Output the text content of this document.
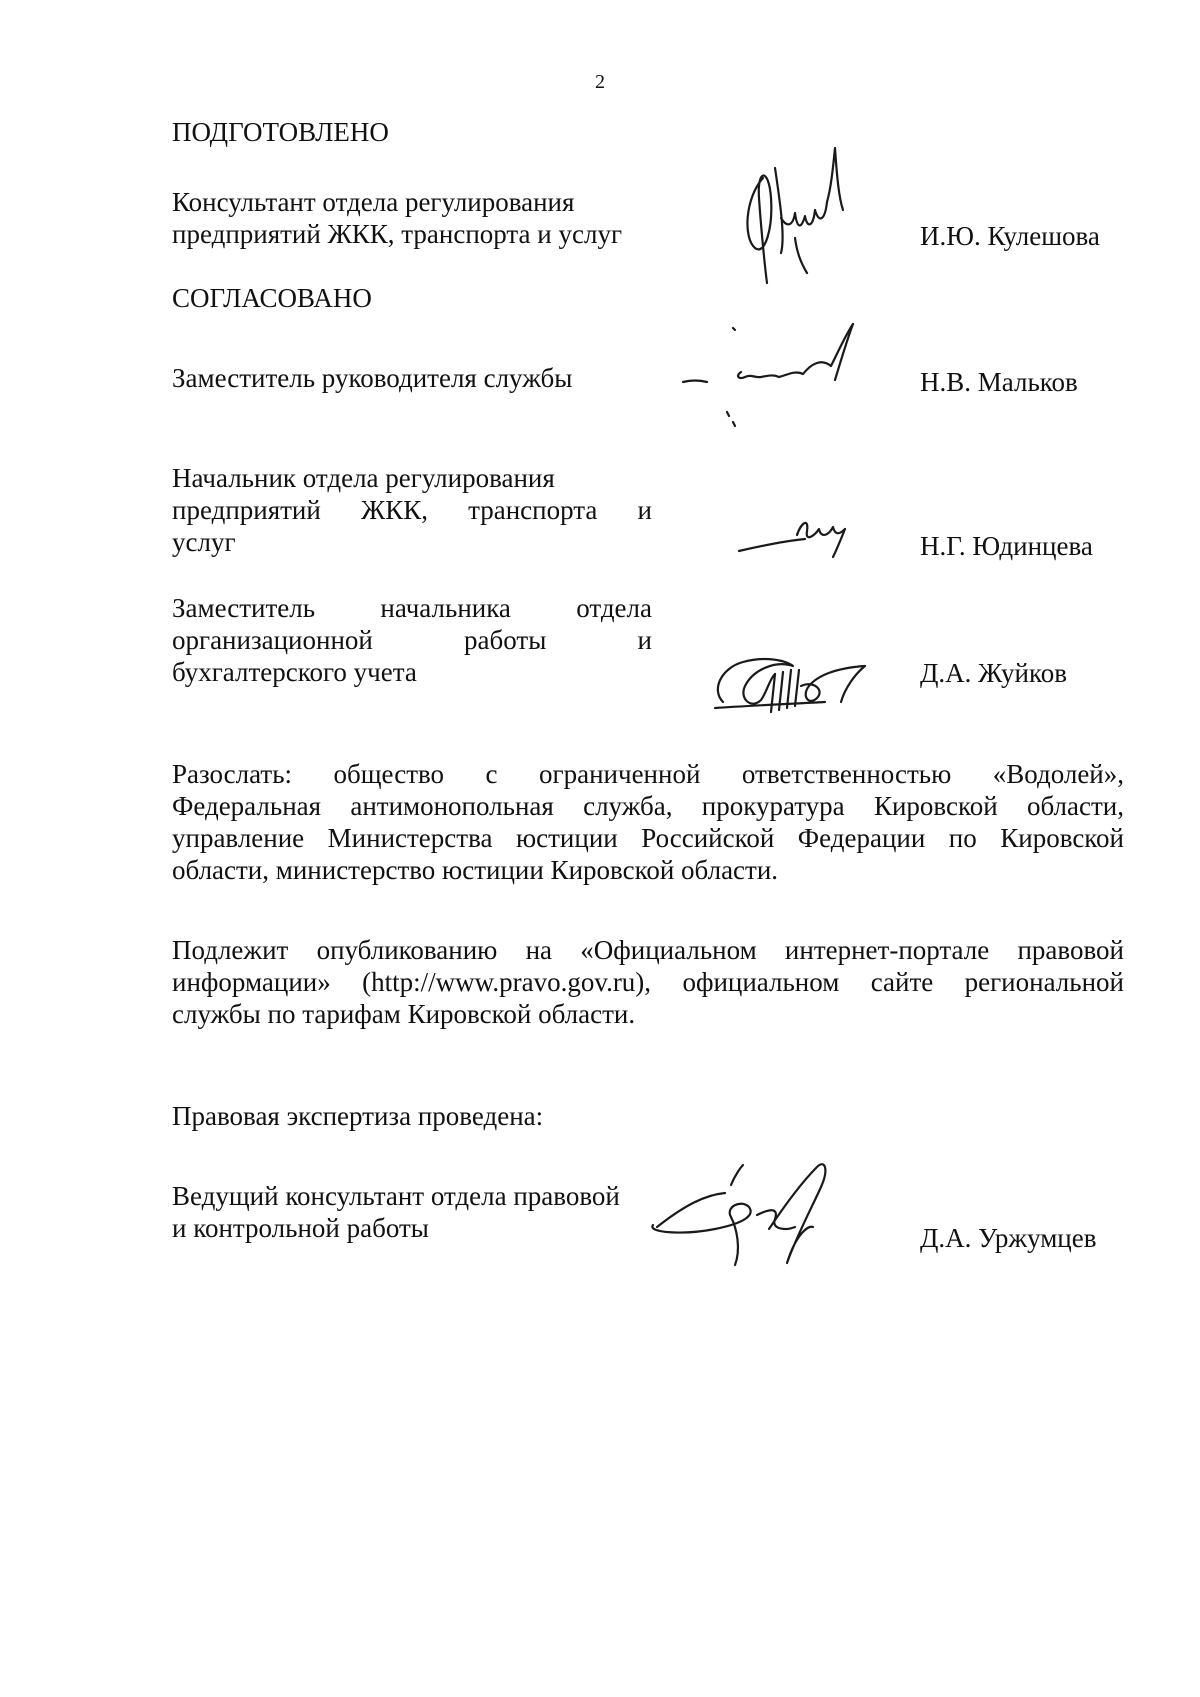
2
ПОДГОТОВЛЕНО
Консультант отдела регулирования
предприятий ЖКК, транспорта и услуг	И.Ю. Кулешова
СОГЛАСОВАНО
Заместитель руководителя службы	Н.В. Мальков
Начальник отдела регулирования
предприятий ЖКК, транспорта и
услуг	Н.Г. Юдинцева
Заместитель начальника отдела
организационной работы и
бухгалтерского учета	Д.А. Жуйков
Разослать: общество с ограниченной ответственностью «Водолей»,
Федеральная антимонопольная служба, прокуратура Кировской области,
управление Министерства юстиции Российской Федерации по Кировской
области, министерство юстиции Кировской области.
Подлежит опубликованию на «Официальном интернет-портале правовой
информации» (http://www.pravo.gov.ru), официальном сайте региональной
службы по тарифам Кировской области.
Правовая экспертиза проведена:
Ведущий консультант отдела правовой
и контрольной работы	Д.А. Уржумцев
